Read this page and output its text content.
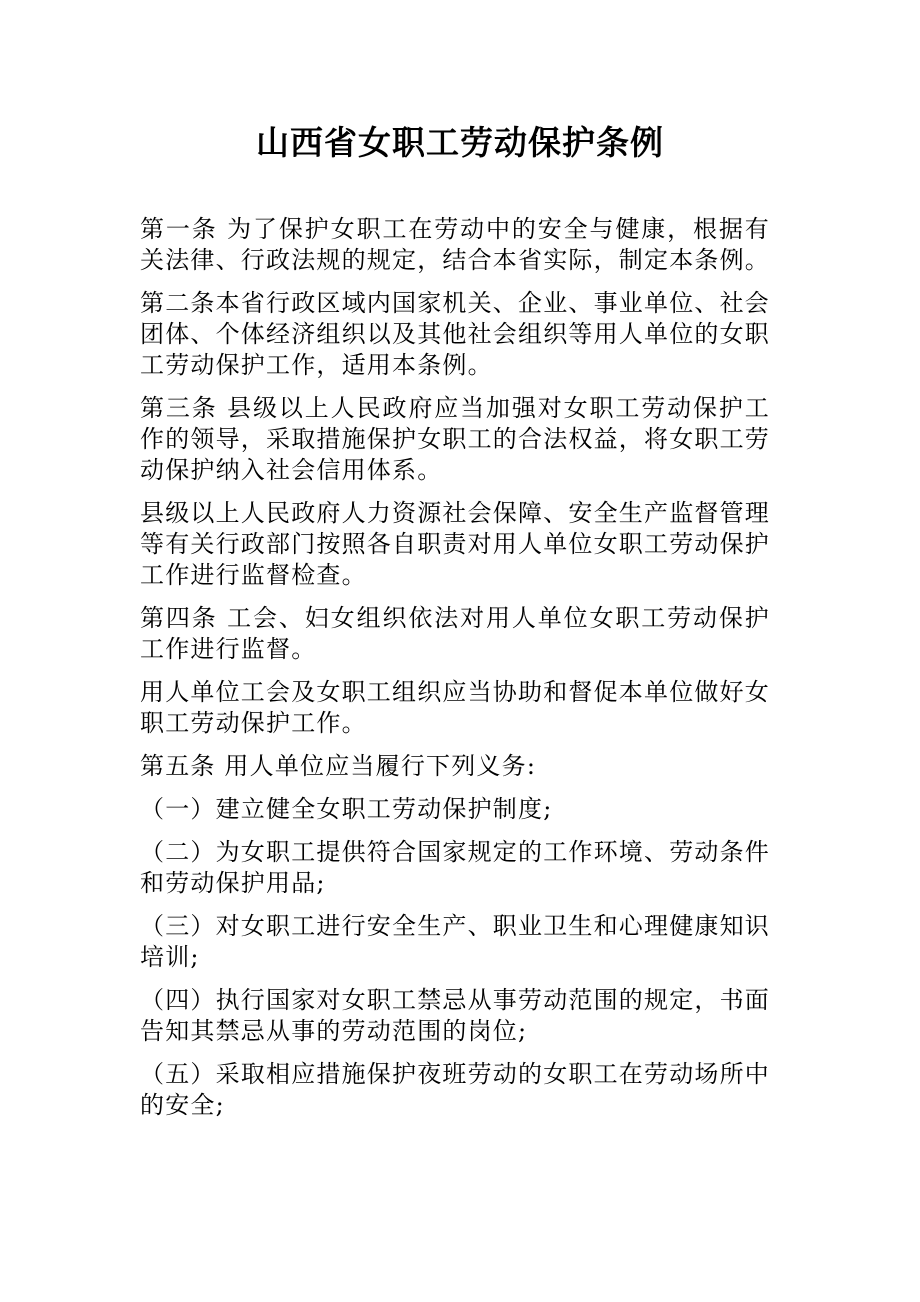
山西省女职工劳动保护条例

第一条 为了保护女职工在劳动中的安全与健康，根据有关法律、行政法规的规定，结合本省实际，制定本条例。

第二条本省行政区域内国家机关、企业、事业单位、社会团体、个体经济组织以及其他社会组织等用人单位的女职工劳动保护工作，适用本条例。

第三条 县级以上人民政府应当加强对女职工劳动保护工作的领导，采取措施保护女职工的合法权益，将女职工劳动保护纳入社会信用体系。

县级以上人民政府人力资源社会保障、安全生产监督管理等有关行政部门按照各自职责对用人单位女职工劳动保护工作进行监督检查。

第四条 工会、妇女组织依法对用人单位女职工劳动保护工作进行监督。

用人单位工会及女职工组织应当协助和督促本单位做好女职工劳动保护工作。

第五条 用人单位应当履行下列义务:

（一）建立健全女职工劳动保护制度;

（二）为女职工提供符合国家规定的工作环境、劳动条件和劳动保护用品;

（三）对女职工进行安全生产、职业卫生和心理健康知识培训;

（四）执行国家对女职工禁忌从事劳动范围的规定，书面告知其禁忌从事的劳动范围的岗位;

（五）采取相应措施保护夜班劳动的女职工在劳动场所中的安全;
